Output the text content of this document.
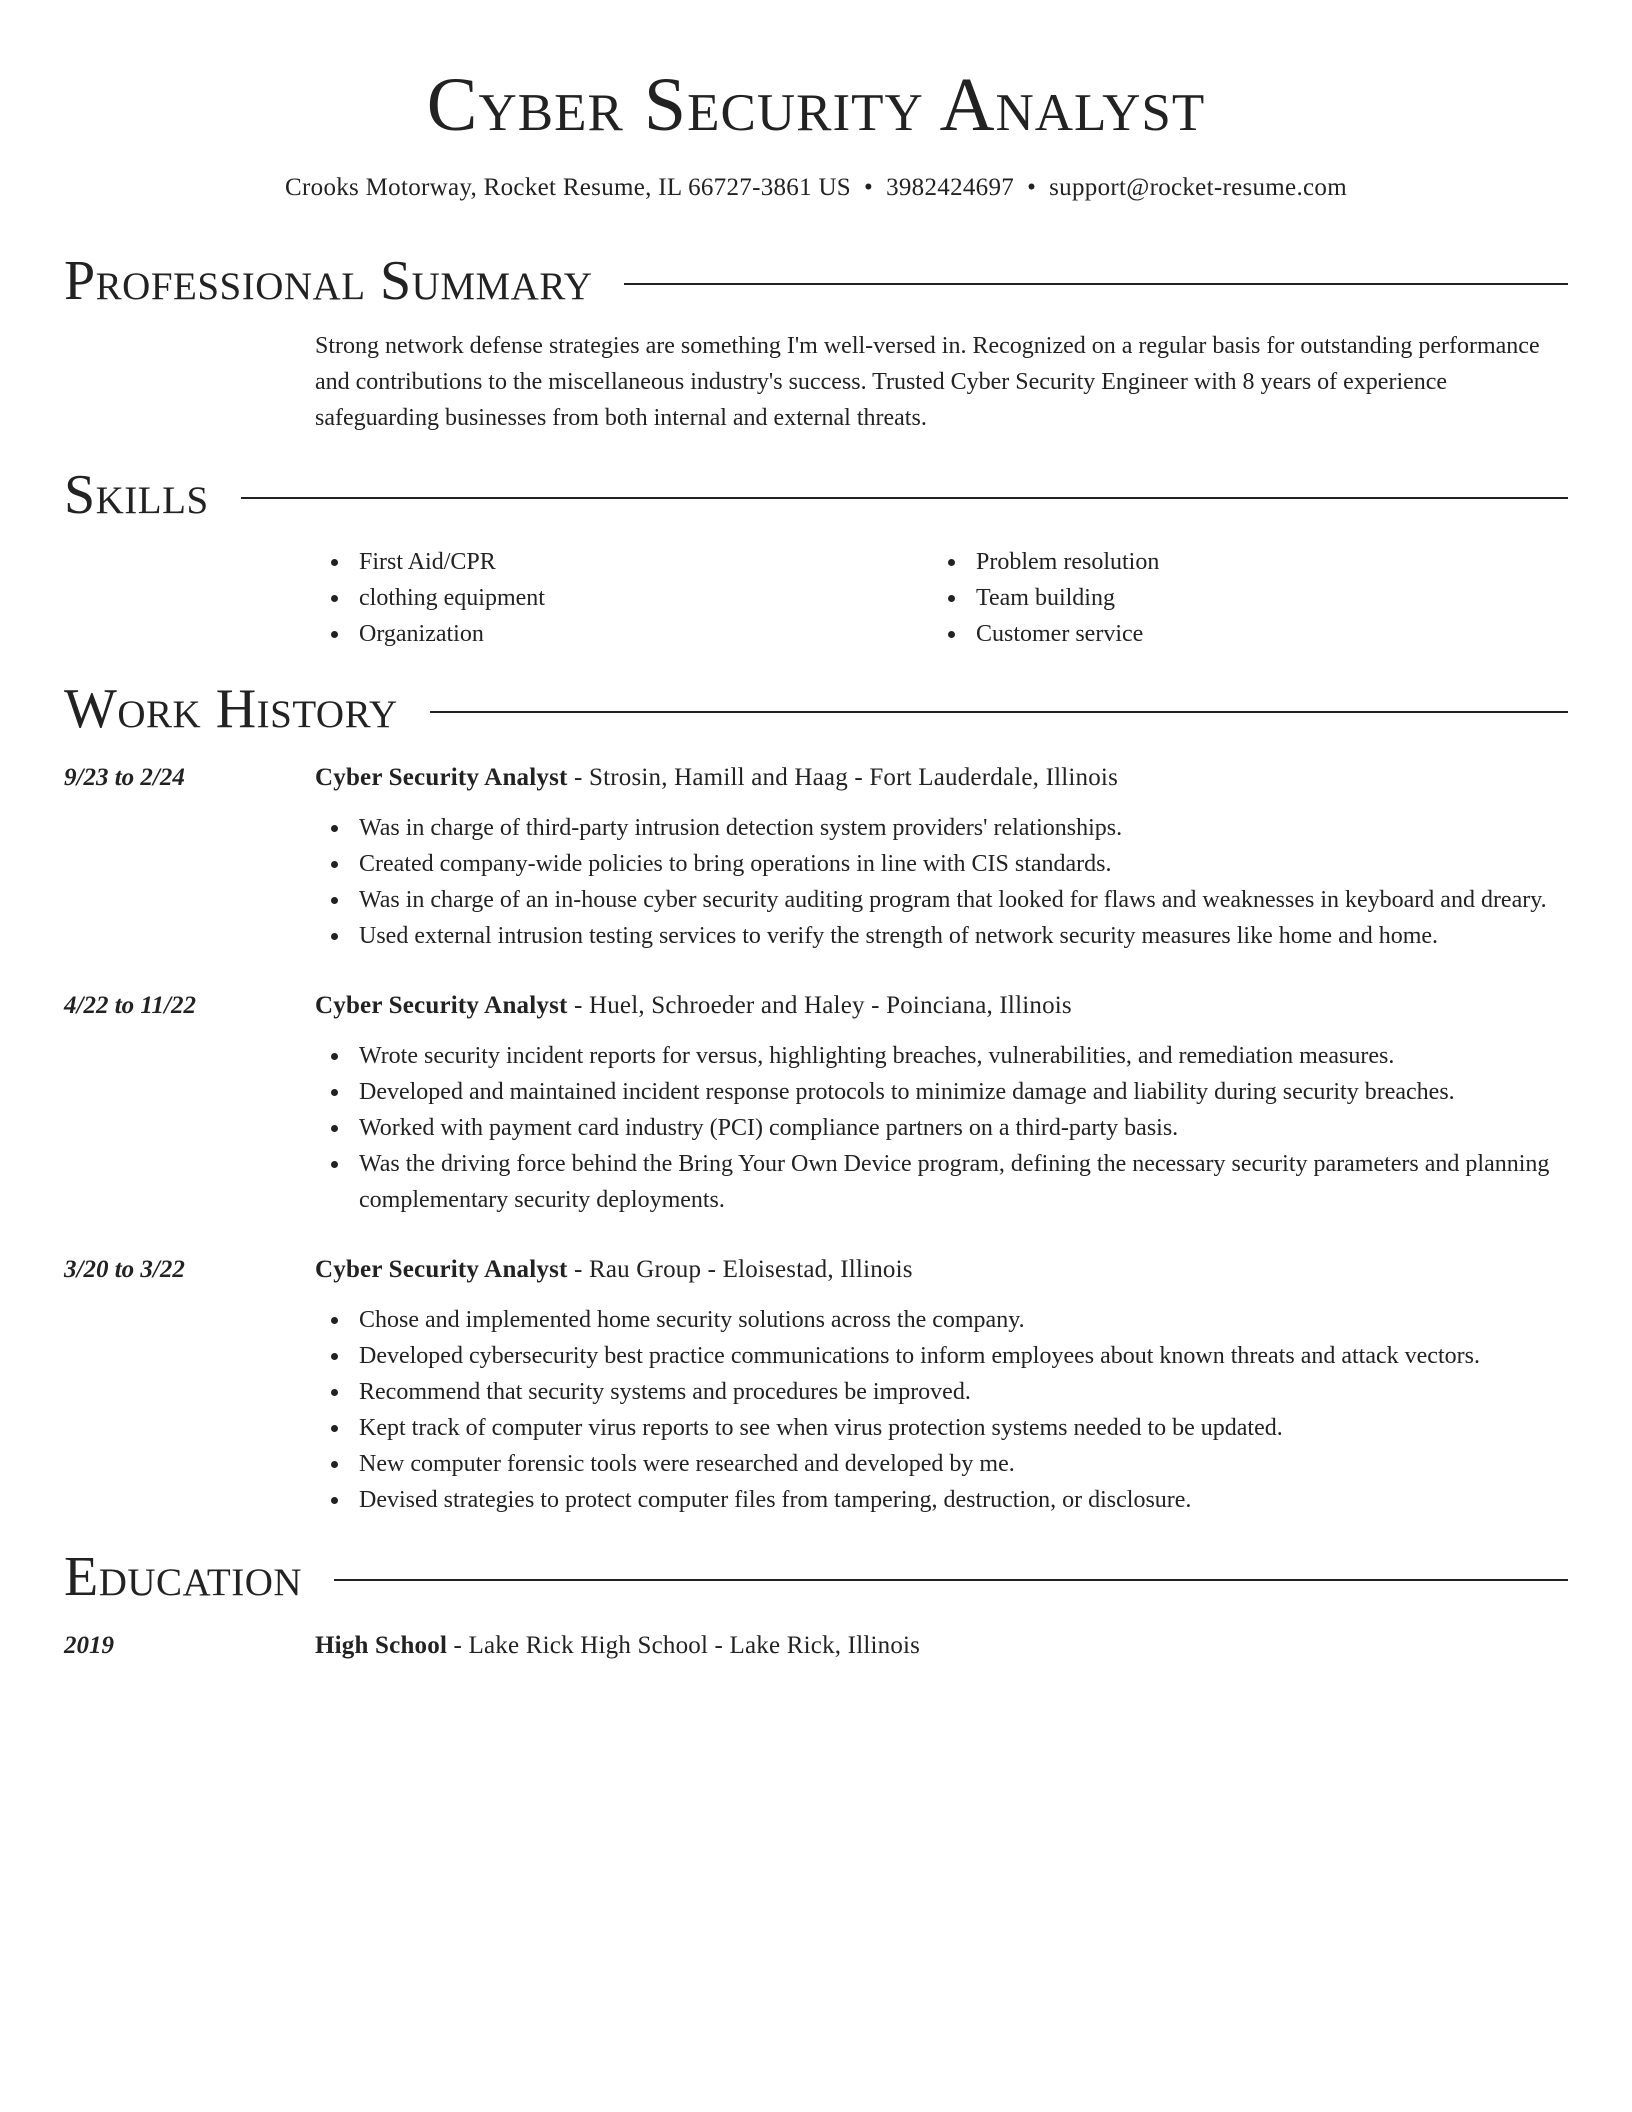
Cyber Security Analyst
Crooks Motorway, Rocket Resume, IL 66727-3861 US • 3982424697 • support@rocket-resume.com
Professional Summary

Strong network defense strategies are something I'm well-versed in. Recognized on a regular basis for outstanding performance and contributions to the miscellaneous industry's success. Trusted Cyber Security Engineer with 8 years of experience safeguarding businesses from both internal and external threats.

Skills
First Aid/CPR
clothing equipment
Organization
Problem resolution
Team building
Customer service
Work History
9/23 to 2/24	Cyber Security Analyst - Strosin, Hamill and Haag - Fort Lauderdale, Illinois
Was in charge of third-party intrusion detection system providers' relationships.
Created company-wide policies to bring operations in line with CIS standards.
Was in charge of an in-house cyber security auditing program that looked for flaws and weaknesses in keyboard and dreary.
Used external intrusion testing services to verify the strength of network security measures like home and home.
4/22 to 11/22	Cyber Security Analyst - Huel, Schroeder and Haley - Poinciana, Illinois
Wrote security incident reports for versus, highlighting breaches, vulnerabilities, and remediation measures.
Developed and maintained incident response protocols to minimize damage and liability during security breaches.
Worked with payment card industry (PCI) compliance partners on a third-party basis.
Was the driving force behind the Bring Your Own Device program, defining the necessary security parameters and planning complementary security deployments.
3/20 to 3/22	Cyber Security Analyst - Rau Group - Eloisestad, Illinois
Chose and implemented home security solutions across the company.
Developed cybersecurity best practice communications to inform employees about known threats and attack vectors.
Recommend that security systems and procedures be improved.
Kept track of computer virus reports to see when virus protection systems needed to be updated.
New computer forensic tools were researched and developed by me.
Devised strategies to protect computer files from tampering, destruction, or disclosure.
Education
2019	High School - Lake Rick High School - Lake Rick, Illinois
